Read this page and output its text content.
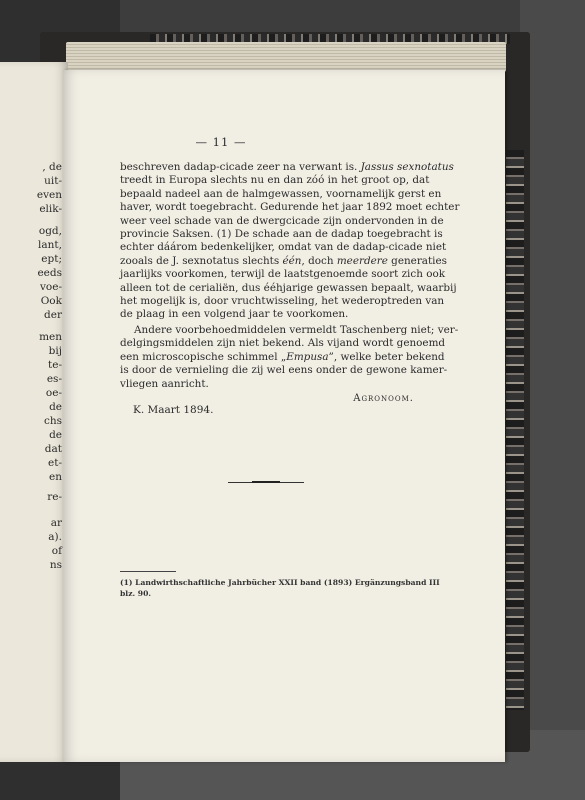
, de
uit-
even
elik-
ogd,
lant,
ept;
eeds
voe-
Ook
der
men
bij
te-
es-
oe-
de
chs
de
dat
et-
en
re-
ar
a).
of
ns
— 11 —
beschreven dadap-cicade zeer na verwant is. Jassus sexnotatus
treedt in Europa slechts nu en dan zóó in het groot op, dat
bepaald nadeel aan de halmgewassen, voornamelijk gerst en
haver, wordt toegebracht. Gedurende het jaar 1892 moet echter
weer veel schade van de dwergcicade zijn ondervonden in de
provincie Saksen. (1) De schade aan de dadap toegebracht is
echter dáárom bedenkelijker, omdat van de dadap-cicade niet
zooals de J. sexnotatus slechts één, doch meerdere generaties
jaarlijks voorkomen, terwijl de laatstgenoemde soort zich ook
alleen tot de cerialiën, dus ééhjarige gewassen bepaalt, waarbij
het mogelijk is, door vruchtwisseling, het wederoptreden van
de plaag in een volgend jaar te voorkomen.
Andere voorbehoedmiddelen vermeldt Taschenberg niet; ver-
delgingsmiddelen zijn niet bekend. Als vijand wordt genoemd
een microscopische schimmel „Empusa”, welke beter bekend
is door de vernieling die zij wel eens onder de gewone kamer-
vliegen aanricht.
Agronoom.
K. Maart 1894.
(1) Landwirthschaftliche Jahrbücher XXII band (1893) Ergänzungsband III
blz. 90.
